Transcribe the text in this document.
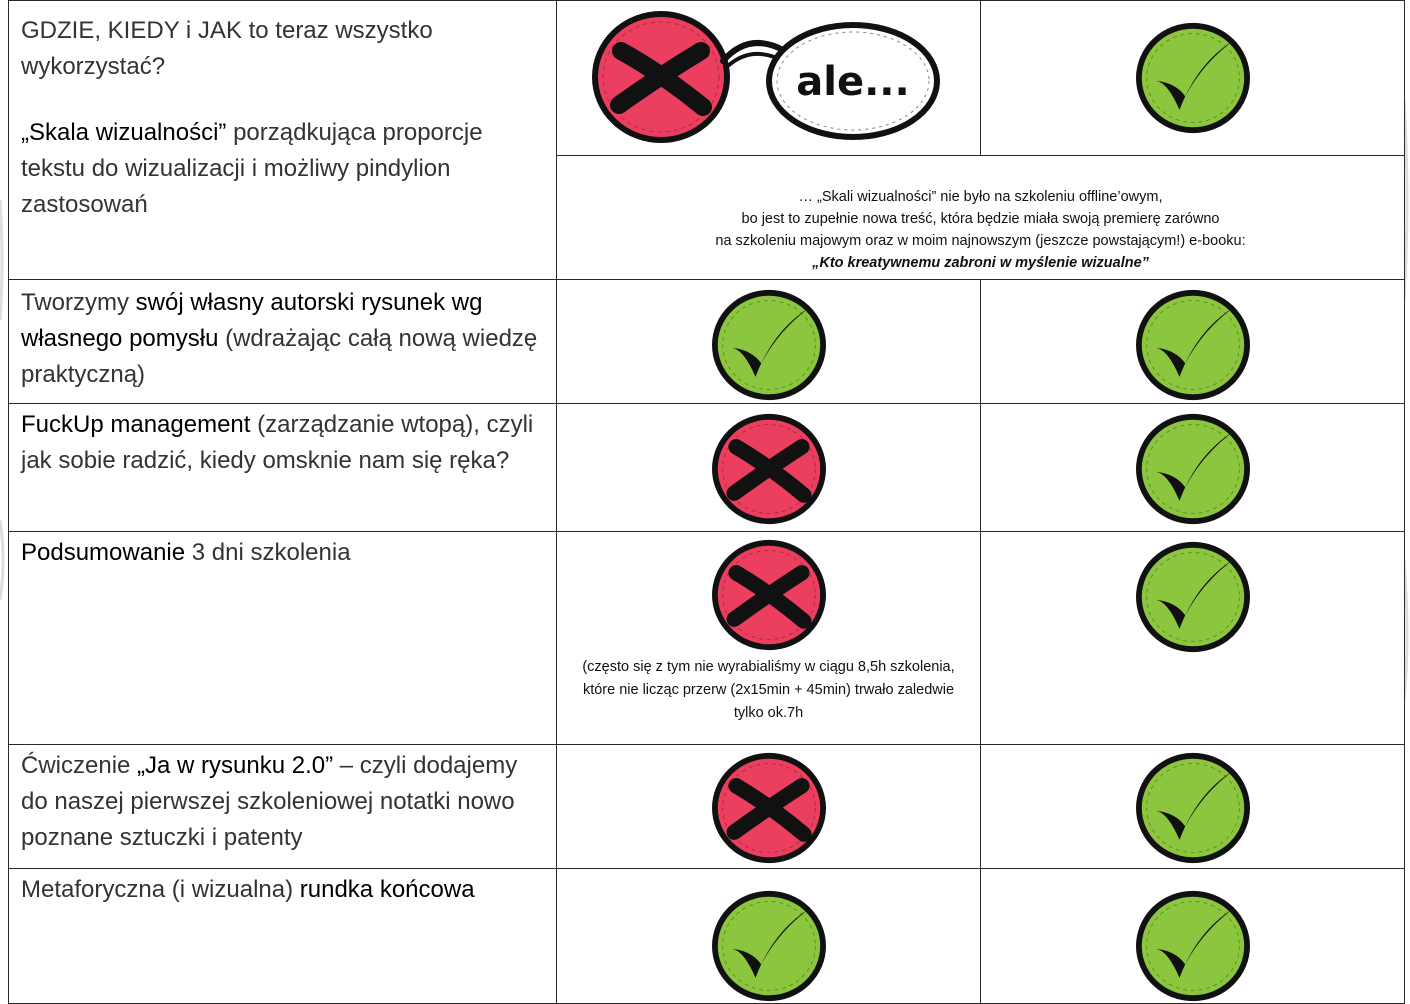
GDZIE, KIEDY i JAK to teraz wszystko wykorzystać?
„Skala wizualności” porządkująca proporcje tekstu do wizualizacji i możliwy pindylion zastosowań	ale...

	… „Skali wizualności” nie było na szkoleniu offline’owym,
bo jest to zupełnie nowa treść, która będzie miała swoją premierę zarówno
na szkoleniu majowym oraz w moim najnowszym (jeszcze powstającym!) e-booku:
„Kto kreatywnemu zabroni w myślenie wizualne”	

Tworzymy swój własny autorski rysunek wg własnego pomysłu (wdrażając całą nową wiedzę praktyczną)

FuckUp management (zarządzanie wtopą), czyli jak sobie radzić, kiedy omsknie nam się ręka?

Podsumowanie 3 dni szkolenia	(często się z tym nie wyrabialiśmy w ciągu 8,5h szkolenia, które nie licząc przerw (2x15min + 45min) trwało zaledwie tylko ok.7h

Ćwiczenie „Ja w rysunku 2.0” – czyli dodajemy do naszej pierwszej szkoleniowej notatki nowo poznane sztuczki i patenty

Metaforyczna (i wizualna) rundka końcowa
